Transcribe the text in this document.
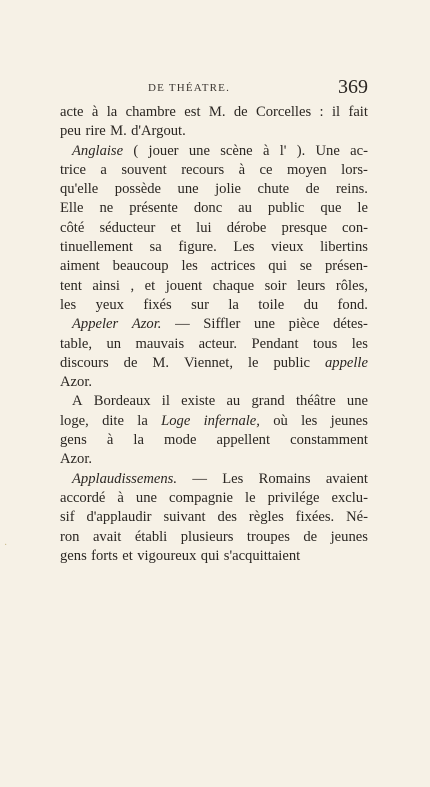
DE THÉATRE.	369
acte à la chambre est M. de Corcelles : il fait
peu rire M. d'Argout.
Anglaise ( jouer une scène à l' ). Une ac-
trice a souvent recours à ce moyen lors-
qu'elle possède une jolie chute de reins.
Elle ne présente donc au public que le
côté séducteur et lui dérobe presque con-
tinuellement sa figure. Les vieux libertins
aiment beaucoup les actrices qui se présen-
tent ainsi , et jouent chaque soir leurs rôles,
les yeux fixés sur la toile du fond.
Appeler Azor. — Siffler une pièce détes-
table, un mauvais acteur. Pendant tous les
discours de M. Viennet, le public appelle
Azor.
A Bordeaux il existe au grand théâtre une
loge, dite la Loge infernale, où les jeunes
gens à la mode appellent constamment
Azor.
Applaudissemens. — Les Romains avaient
accordé à une compagnie le privilége exclu-
sif d'applaudir suivant des règles fixées. Né-
ron avait établi plusieurs troupes de jeunes
gens forts et vigoureux qui s'acquittaient
·
